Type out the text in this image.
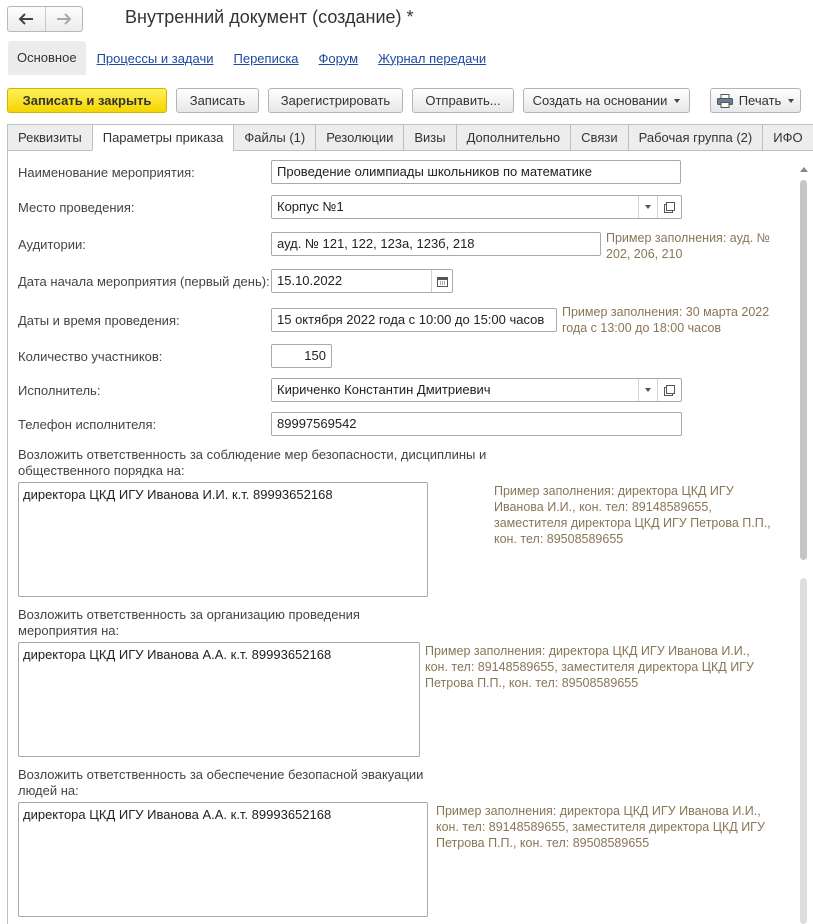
Внутренний документ (создание) *
Основное	Процессы и задачи Переписка Форум Журнал передачи
Записать и закрыть	Записать	Зарегистрировать	Отправить...	Создать на основании	Печать
Реквизиты	Параметры приказа	Файлы (1)	Резолюции	Визы	Дополнительно	Связи	Рабочая группа (2)	ИФО
Наименование мероприятия:	Проведение олимпиады школьников по математике
Место проведения:	Корпус №1
Аудитории:	ауд. № 121, 122, 123а, 123б, 218	Пример заполнения: ауд. №
202, 206, 210
Дата начала мероприятия (первый день): 15.10.2022
Даты и время проведения:	15 октября 2022 года с 10:00 до 15:00 часов	Пример заполнения: 30 марта 2022
года с 13:00 до 18:00 часов
Количество участников:	150
Исполнитель:	Кириченко Константин Дмитриевич
Телефон исполнителя:	89997569542
Возложить ответственность за соблюдение мер безопасности, дисциплины и
общественного порядка на:
директора ЦКД ИГУ Иванова И.И. к.т. 89993652168	Пример заполнения: директора ЦКД ИГУ
Иванова И.И., кон. тел: 89148589655,
заместителя директора ЦКД ИГУ Петрова П.П.,
кон. тел: 89508589655
Возложить ответственность за организацию проведения
мероприятия на:
директора ЦКД ИГУ Иванова А.А. к.т. 89993652168	Пример заполнения: директора ЦКД ИГУ Иванова И.И.,
кон. тел: 89148589655, заместителя директора ЦКД ИГУ
Петрова П.П., кон. тел: 89508589655
Возложить ответственность за обеспечение безопасной эвакуации
людей на:
директора ЦКД ИГУ Иванова А.А. к.т. 89993652168	Пример заполнения: директора ЦКД ИГУ Иванова И.И.,
кон. тел: 89148589655, заместителя директора ЦКД ИГУ
Петрова П.П., кон. тел: 89508589655
